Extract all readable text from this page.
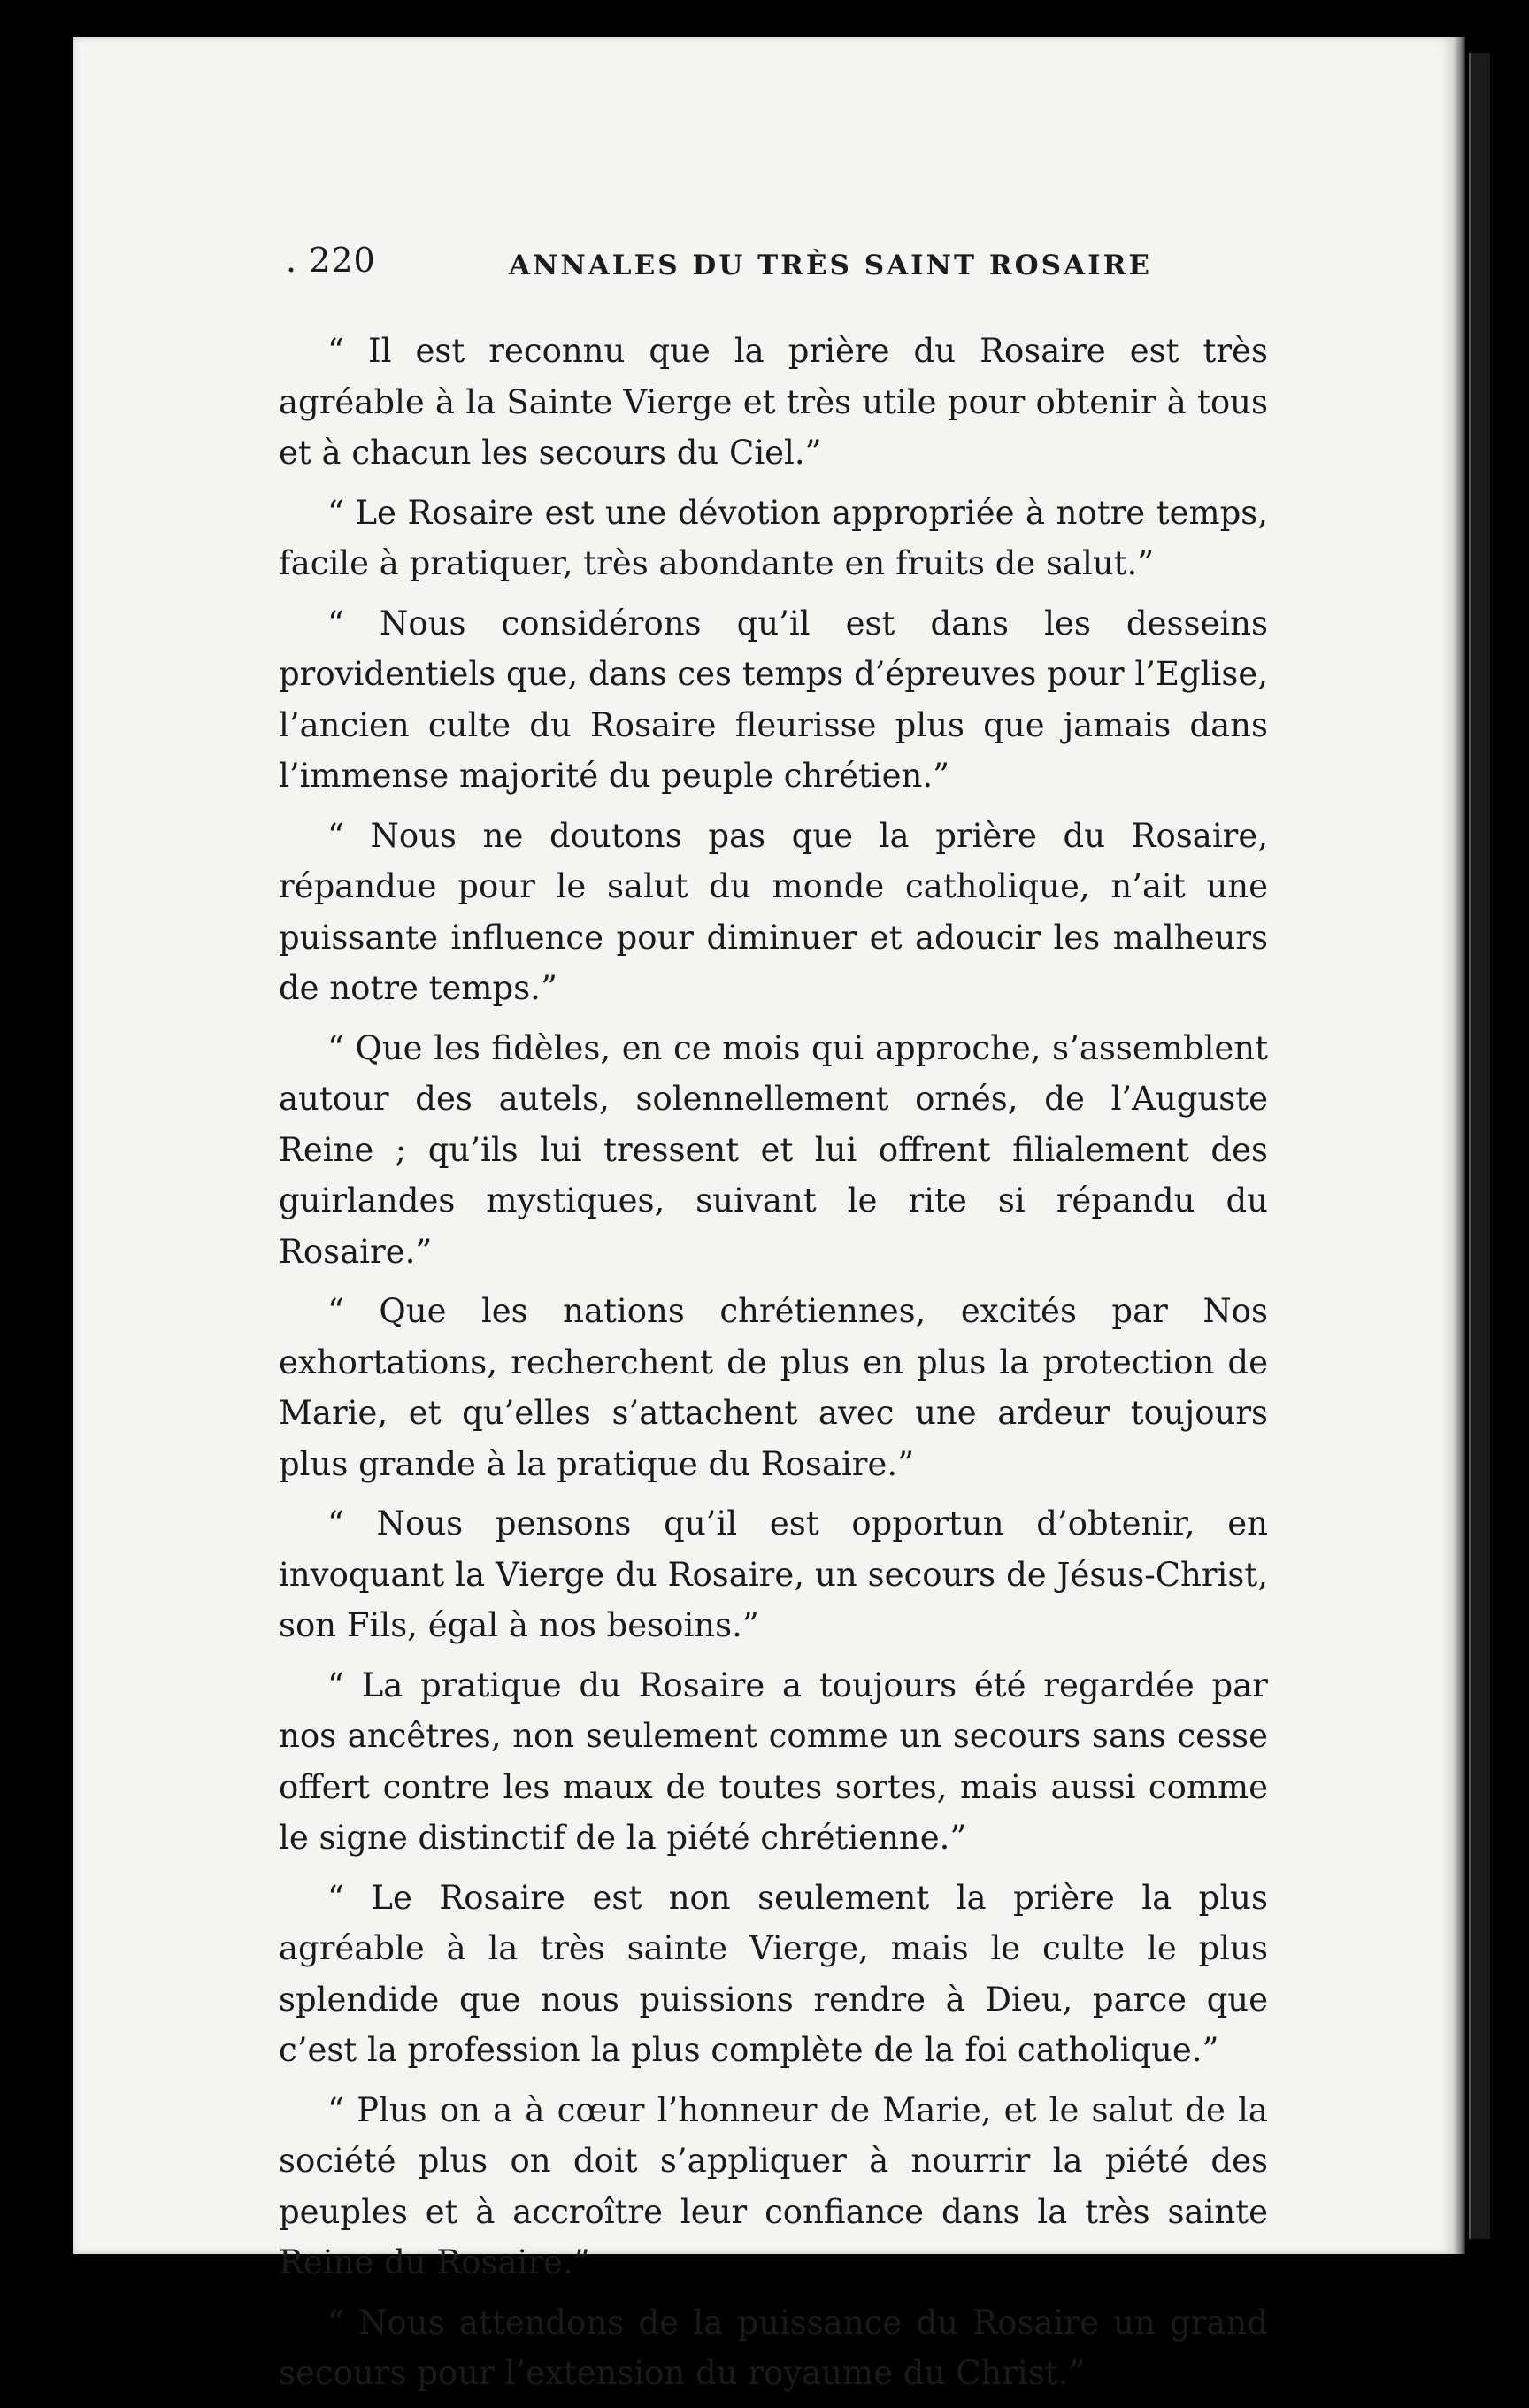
. 220	ANNALES DU TRÈS SAINT ROSAIRE

“ Il est reconnu que la prière du Rosaire est très agréable à la Sainte Vierge et très utile pour obtenir à tous et à chacun les secours du Ciel.”

“ Le Rosaire est une dévotion appropriée à notre temps, facile à pratiquer, très abondante en fruits de salut.”

“ Nous considérons qu’il est dans les desseins providentiels que, dans ces temps d’épreuves pour l’Eglise, l’ancien culte du Rosaire fleurisse plus que jamais dans l’immense majorité du peuple chrétien.”

“ Nous ne doutons pas que la prière du Rosaire, répandue pour le salut du monde catholique, n’ait une puissante influence pour diminuer et adoucir les malheurs de notre temps.”

“ Que les fidèles, en ce mois qui approche, s’assemblent autour des autels, solennellement ornés, de l’Auguste Reine ; qu’ils lui tressent et lui offrent filialement des guirlandes mystiques, suivant le rite si répandu du Rosaire.”

“ Que les nations chrétiennes, excités par Nos exhortations, recherchent de plus en plus la protection de Marie, et qu’elles s’attachent avec une ardeur toujours plus grande à la pratique du Rosaire.”

“ Nous pensons qu’il est opportun d’obtenir, en invoquant la Vierge du Rosaire, un secours de Jésus-Christ, son Fils, égal à nos besoins.”

“ La pratique du Rosaire a toujours été regardée par nos ancêtres, non seulement comme un secours sans cesse offert contre les maux de toutes sortes, mais aussi comme le signe distinctif de la piété chrétienne.”

“ Le Rosaire est non seulement la prière la plus agréable à la très sainte Vierge, mais le culte le plus splendide que nous puissions rendre à Dieu, parce que c’est la profession la plus complète de la foi catholique.”

“ Plus on a à cœur l’honneur de Marie, et le salut de la société plus on doit s’appliquer à nourrir la piété des peuples et à accroître leur confiance dans la très sainte Reine du Rosaire.”

“ Nous attendons de la puissance du Rosaire un grand secours pour l’extension du royaume du Christ.”
